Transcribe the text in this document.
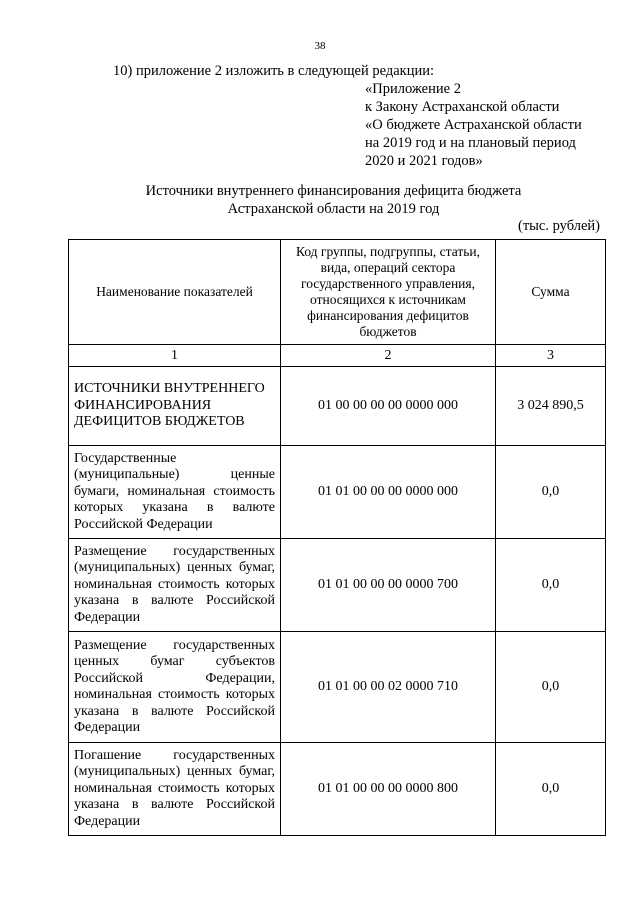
38
10) приложение 2 изложить в следующей редакции:
«Приложение 2
к Закону Астраханской области
«О бюджете Астраханской области
на 2019 год и на плановый период
2020 и 2021 годов»
Источники внутреннего финансирования дефицита бюджета
Астраханской области на 2019 год
(тыс. рублей)
Наименование показателей	Код группы, подгруппы, статьи, вида, операций сектора государственного управления, относящихся к источникам финансирования дефицитов бюджетов	Сумма
1	2	3
ИСТОЧНИКИ ВНУТРЕННЕГО ФИНАНСИРОВАНИЯ ДЕФИЦИТОВ БЮДЖЕТОВ	01 00 00 00 00 0000 000	3 024 890,5
Государственные (муниципальные) ценные бумаги, номинальная стоимость которых указана в валюте Российской Федерации	01 01 00 00 00 0000 000	0,0
Размещение государственных (муниципальных) ценных бумаг, номинальная стоимость которых указана в валюте Российской Федерации	01 01 00 00 00 0000 700	0,0
Размещение государственных ценных бумаг субъектов Российской Федерации, номинальная стоимость которых указана в валюте Российской Федерации	01 01 00 00 02 0000 710	0,0
Погашение государственных (муниципальных) ценных бумаг, номинальная стоимость которых указана в валюте Российской Федерации	01 01 00 00 00 0000 800	0,0
